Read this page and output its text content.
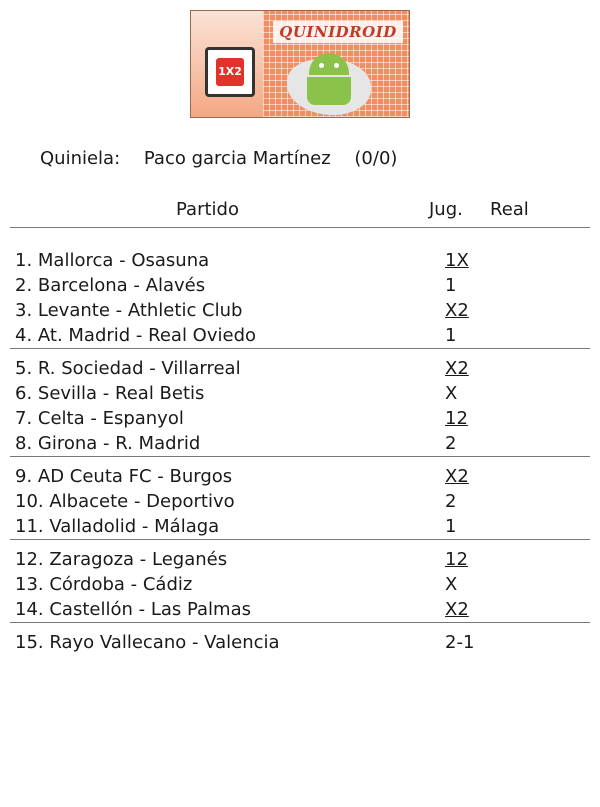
1X2
QUINIDROID
Quiniela: Paco garcia Martínez (0/0)
Partido	Jug. Real
1. Mallorca - Osasuna	1X
2. Barcelona - Alavés	1
3. Levante - Athletic Club	X2
4. At. Madrid - Real Oviedo	1
5. R. Sociedad - Villarreal	X2
6. Sevilla - Real Betis	X
7. Celta - Espanyol	12
8. Girona - R. Madrid	2
9. AD Ceuta FC - Burgos	X2
10. Albacete - Deportivo	2
11. Valladolid - Málaga	1
12. Zaragoza - Leganés	12
13. Córdoba - Cádiz	X
14. Castellón - Las Palmas	X2
15. Rayo Vallecano - Valencia	2-1
